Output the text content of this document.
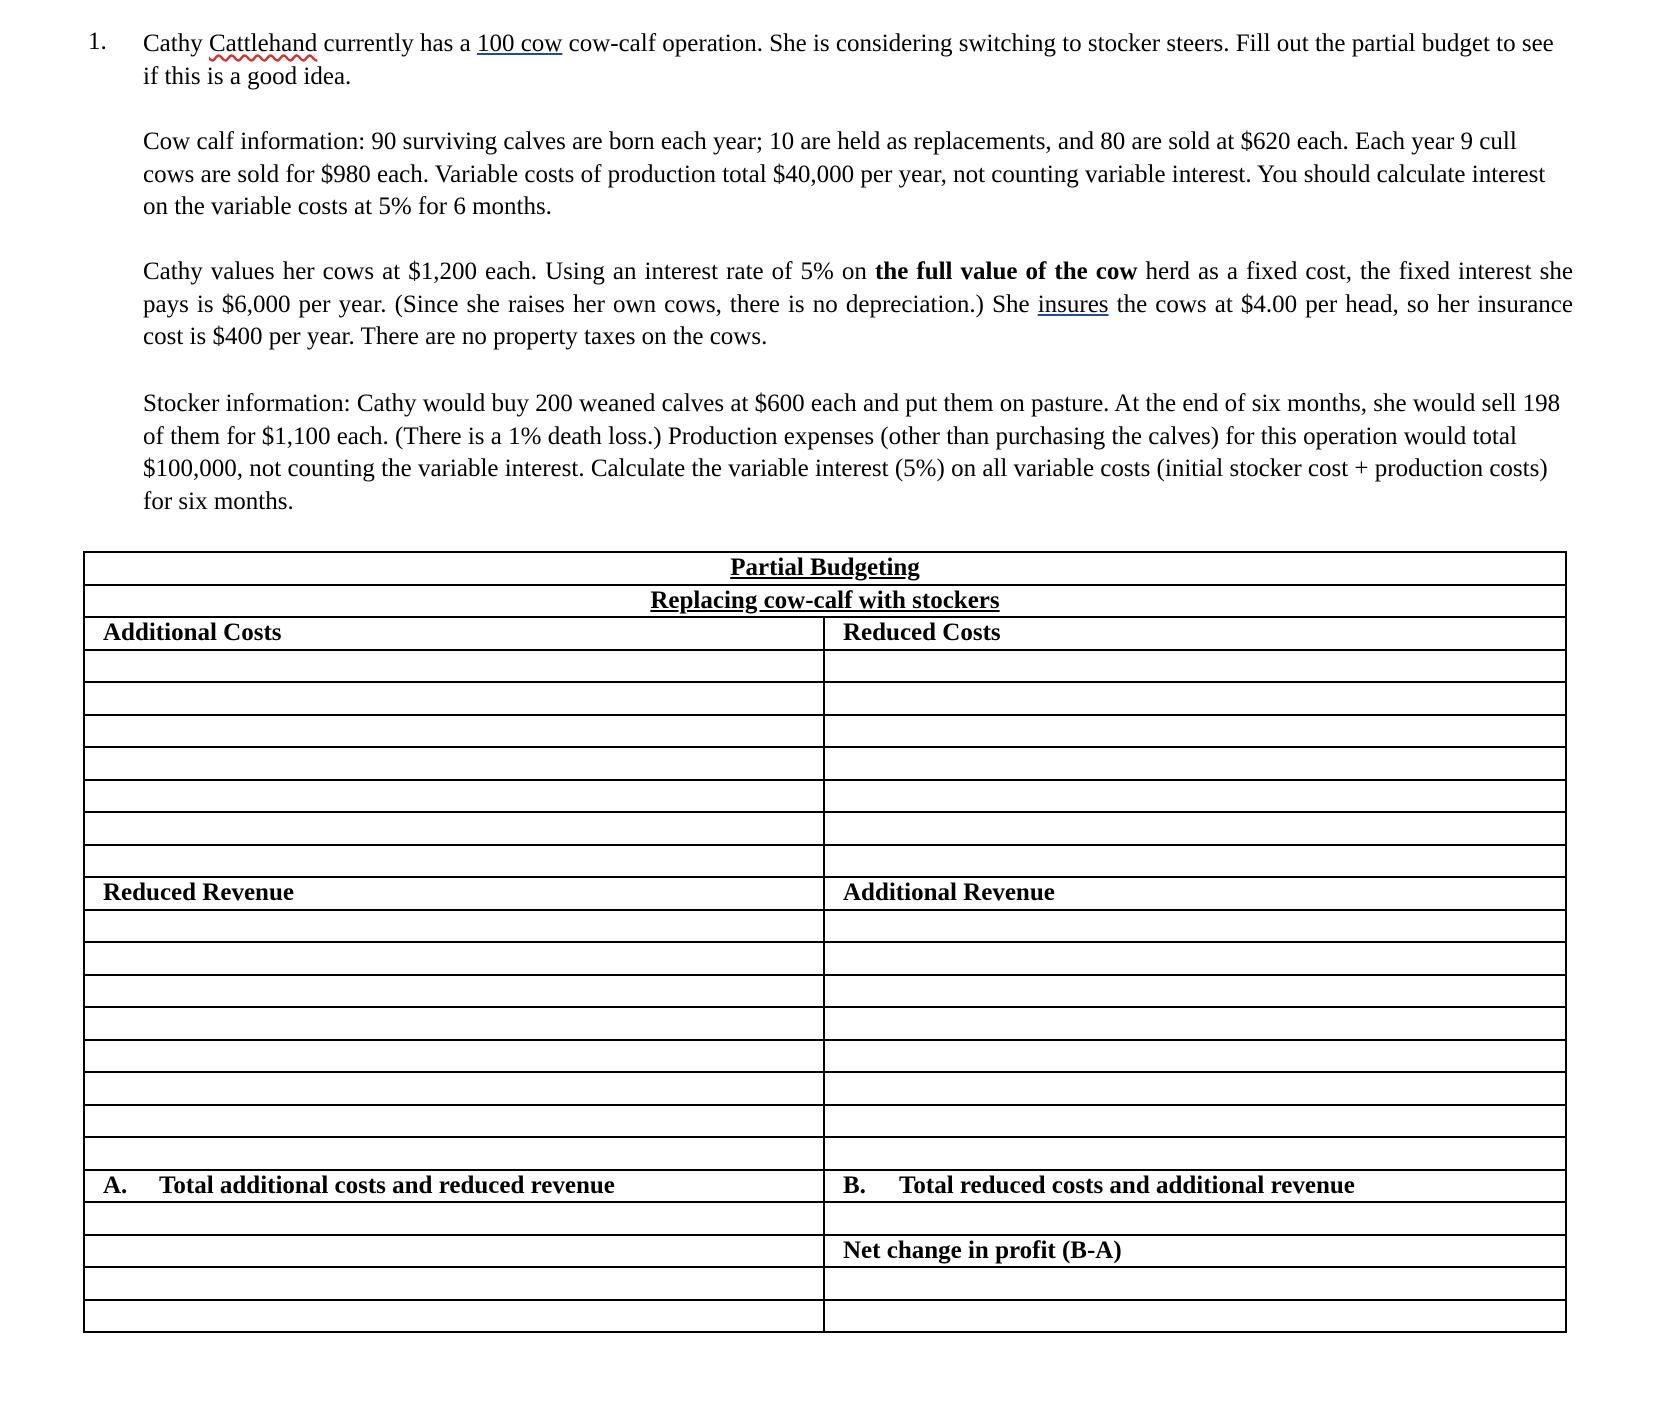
1. Cathy Cattlehand currently has a 100 cow cow-calf operation. She is considering switching to stocker steers. Fill out the partial budget to see if this is a good idea.
Cow calf information: 90 surviving calves are born each year; 10 are held as replacements, and 80 are sold at $620 each. Each year 9 cull cows are sold for $980 each. Variable costs of production total $40,000 per year, not counting variable interest. You should calculate interest on the variable costs at 5% for 6 months.
Cathy values her cows at $1,200 each. Using an interest rate of 5% on the full value of the cow herd as a fixed cost, the fixed interest she pays is $6,000 per year. (Since she raises her own cows, there is no depreciation.) She insures the cows at $4.00 per head, so her insurance cost is $400 per year. There are no property taxes on the cows.
Stocker information: Cathy would buy 200 weaned calves at $600 each and put them on pasture. At the end of six months, she would sell 198 of them for $1,100 each. (There is a 1% death loss.) Production expenses (other than purchasing the calves) for this operation would total $100,000, not counting the variable interest. Calculate the variable interest (5%) on all variable costs (initial stocker cost + production costs) for six months.
Partial Budgeting	
Replacing cow-calf with stockers	
Additional Costs	Reduced Costs

Reduced Revenue	Additional Revenue

A. Total additional costs and reduced revenue	B. Total reduced costs and additional revenue

	Net change in profit (B-A)
